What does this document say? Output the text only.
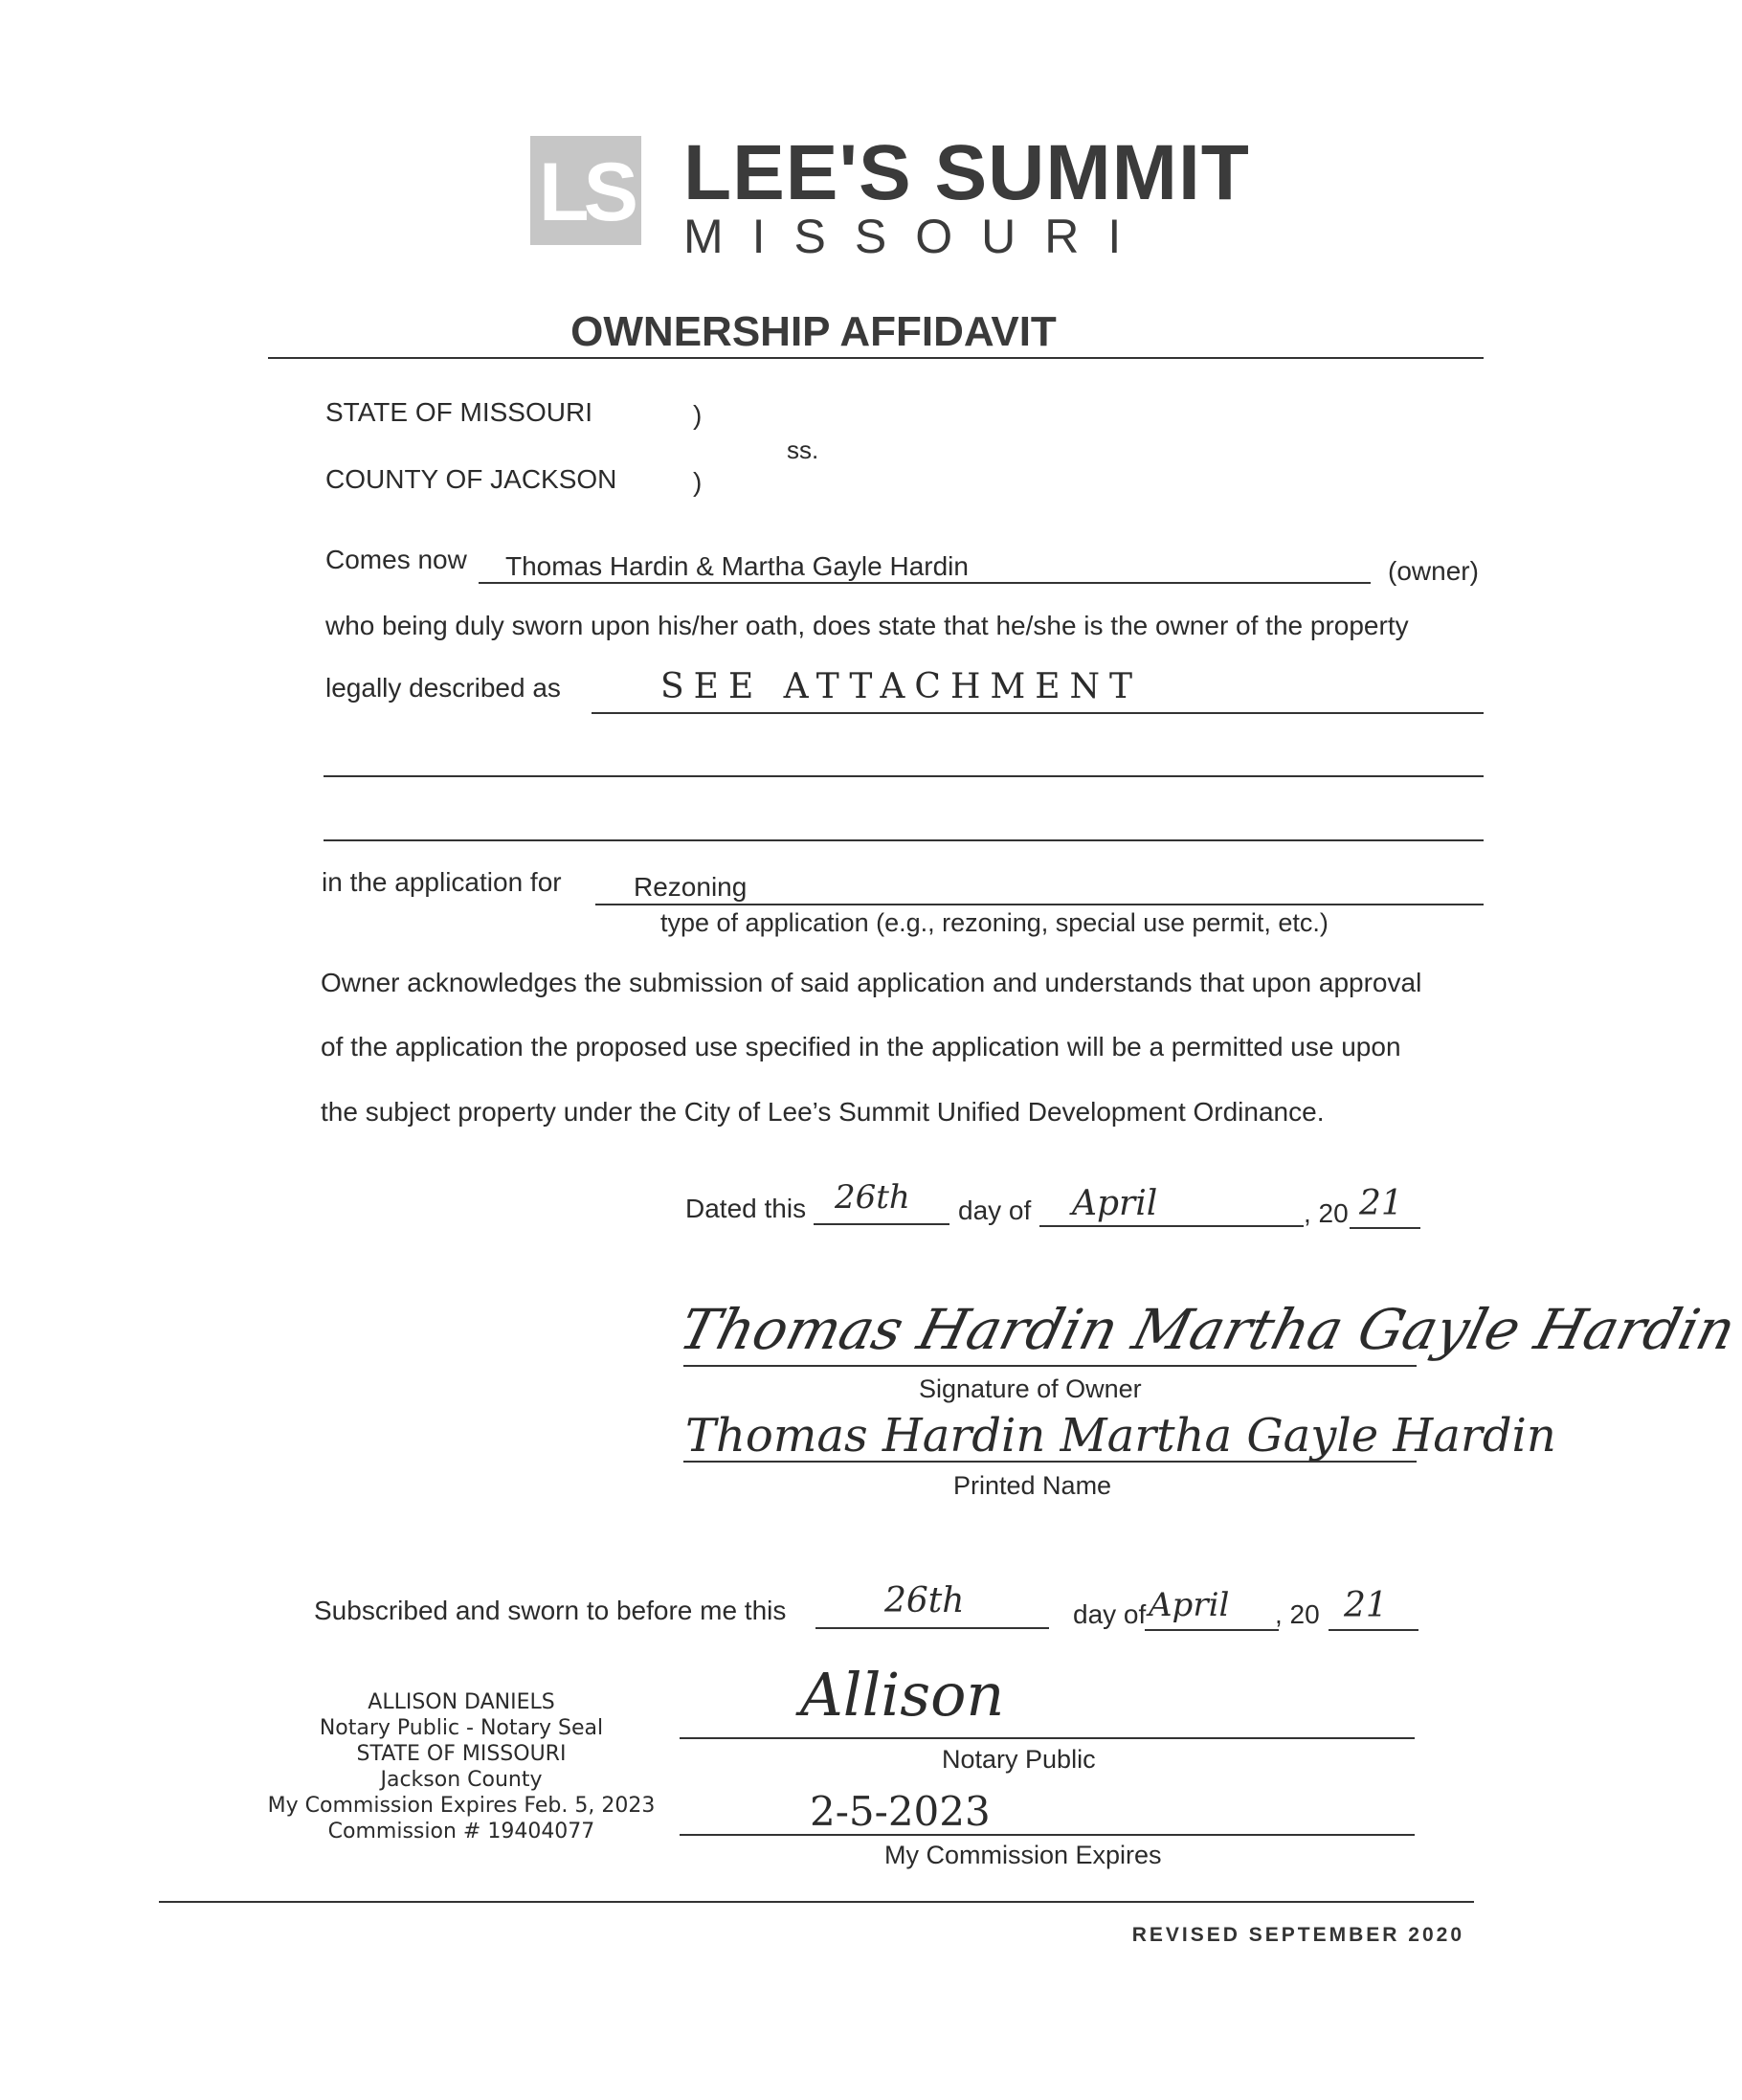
LS LEE'S SUMMIT
MISSOURI
OWNERSHIP AFFIDAVIT
STATE OF MISSOURI	)
ss.
COUNTY OF JACKSON	)
Comes now Thomas Hardin & Martha Gayle Hardin	(owner)
who being duly sworn upon his/her oath, does state that he/she is the owner of the property
legally described as	SEE ATTACHMENT
in the application for	Rezoning
type of application (e.g., rezoning, special use permit, etc.)
Owner acknowledges the submission of said application and understands that upon approval
of the application the proposed use specified in the application will be a permitted use upon
the subject property under the City of Lee’s Summit Unified Development Ordinance.
Dated this 26th day of April	, 20 21
Thomas Hardin Martha Gayle Hardin
Signature of Owner
Thomas Hardin Martha Gayle Hardin
Printed Name
Subscribed and sworn to before me this	26th	day of April , 20 21
ALLISON DANIELS
Notary Public - Notary Seal
STATE OF MISSOURI
Jackson County
My Commission Expires Feb. 5, 2023
Commission # 19404077
Allison
Notary Public
2-5-2023
My Commission Expires
REVISED SEPTEMBER 2020
